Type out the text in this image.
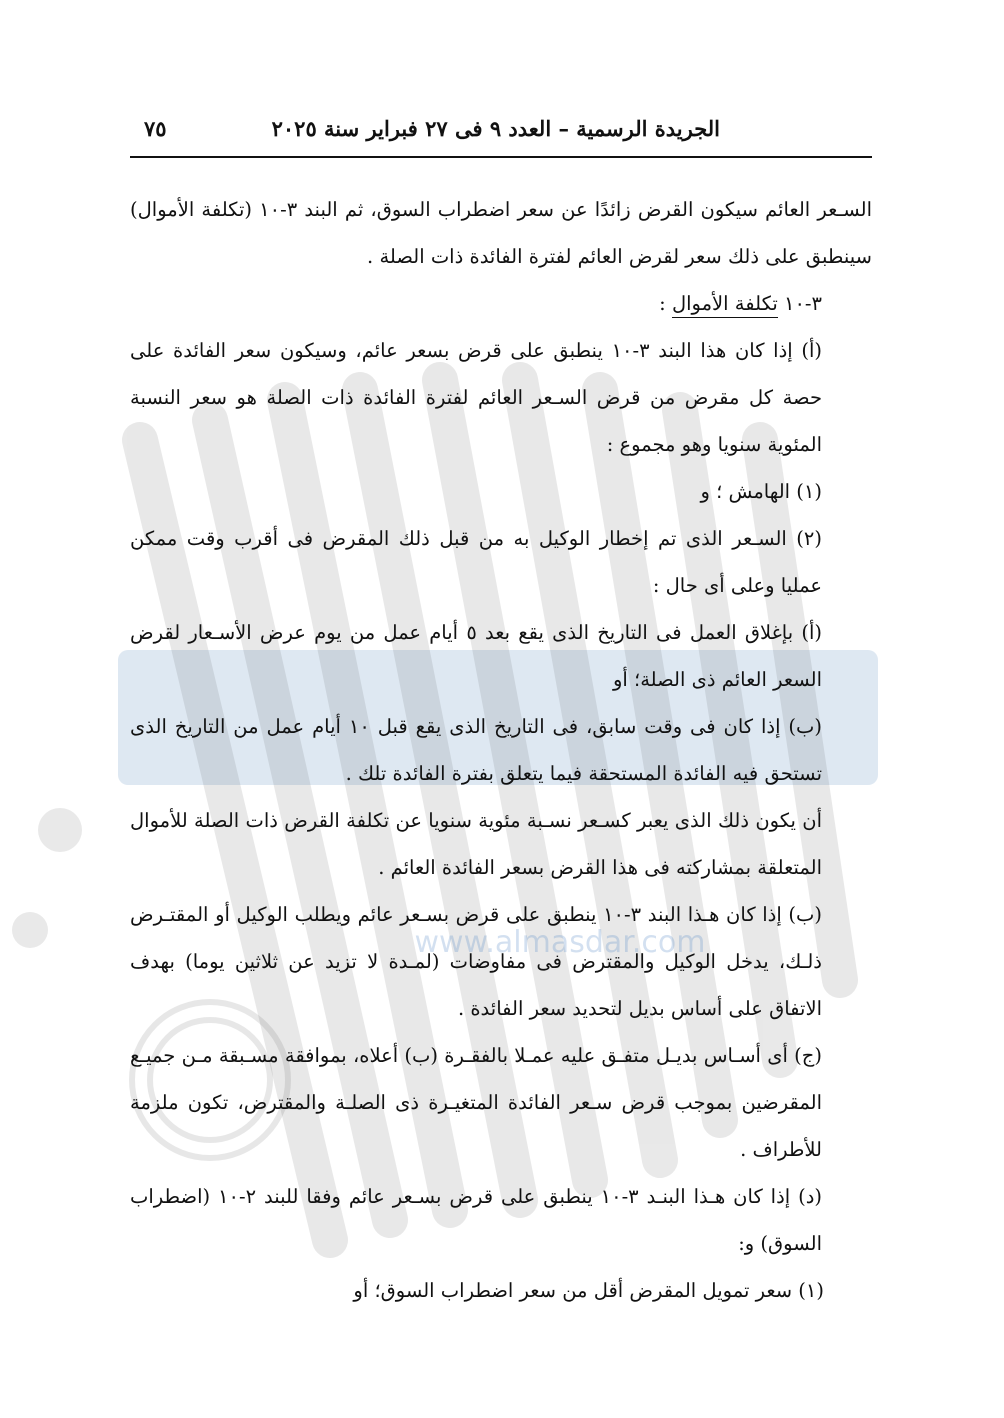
www.almasdar.com
الجريدة الرسمية – العدد ٩ فى ٢٧ فبراير سنة ٢٠٢٥
٧٥

السـعر العائم سيكون القرض زائدًا عن سعر اضطراب السوق، ثم البند ٣-١٠ (تكلفة الأموال) سينطبق على ذلك سعر لقرض العائم لفترة الفائدة ذات الصلة .

٣-١٠ تكلفة الأموال :

(أ) إذا كان هذا البند ٣-١٠ ينطبق على قرض بسعر عائم، وسيكون سعر الفائدة على حصة كل مقرض من قرض السـعر العائم لفترة الفائدة ذات الصلة هو سعر النسبة المئوية سنويا وهو مجموع :

(١) الهامش ؛ و

(٢) السـعر الذى تم إخطار الوكيل به من قبل ذلك المقرض فى أقرب وقت ممكن عمليا وعلى أى حال :

(أ) بإغلاق العمل فى التاريخ الذى يقع بعد ٥ أيام عمل من يوم عرض الأسـعار لقرض السعر العائم ذى الصلة؛ أو

(ب) إذا كان فى وقت سابق، فى التاريخ الذى يقع قبل ١٠ أيام عمل من التاريخ الذى تستحق فيه الفائدة المستحقة فيما يتعلق بفترة الفائدة تلك .

أن يكون ذلك الذى يعبر كسـعر نسـبة مئوية سنويا عن تكلفة القرض ذات الصلة للأموال المتعلقة بمشاركته فى هذا القرض بسعر الفائدة العائم .

(ب) إذا كان هـذا البند ٣-١٠ ينطبق على قرض بسـعر عائم ويطلب الوكيل أو المقتـرض ذلـك، يدخل الوكيل والمقترض فى مفاوضات (لمـدة لا تزيد عن ثلاثين يوما) بهدف الاتفاق على أساس بديل لتحديد سعر الفائدة .

(ج) أى أسـاس بديـل متفـق عليه عمـلا بالفقـرة (ب) أعلاه، بموافقة مسـبقة مـن جميـع المقرضين بموجب قرض سـعر الفائدة المتغيـرة ذى الصلـة والمقترض، تكون ملزمة للأطراف .

(د) إذا كان هـذا البنـد ٣-١٠ ينطبق على قرض بسـعر عائم وفقا للبند ٢-١٠ (اضطراب السوق) و:

(١) سعر تمويل المقرض أقل من سعر اضطراب السوق؛ أو
